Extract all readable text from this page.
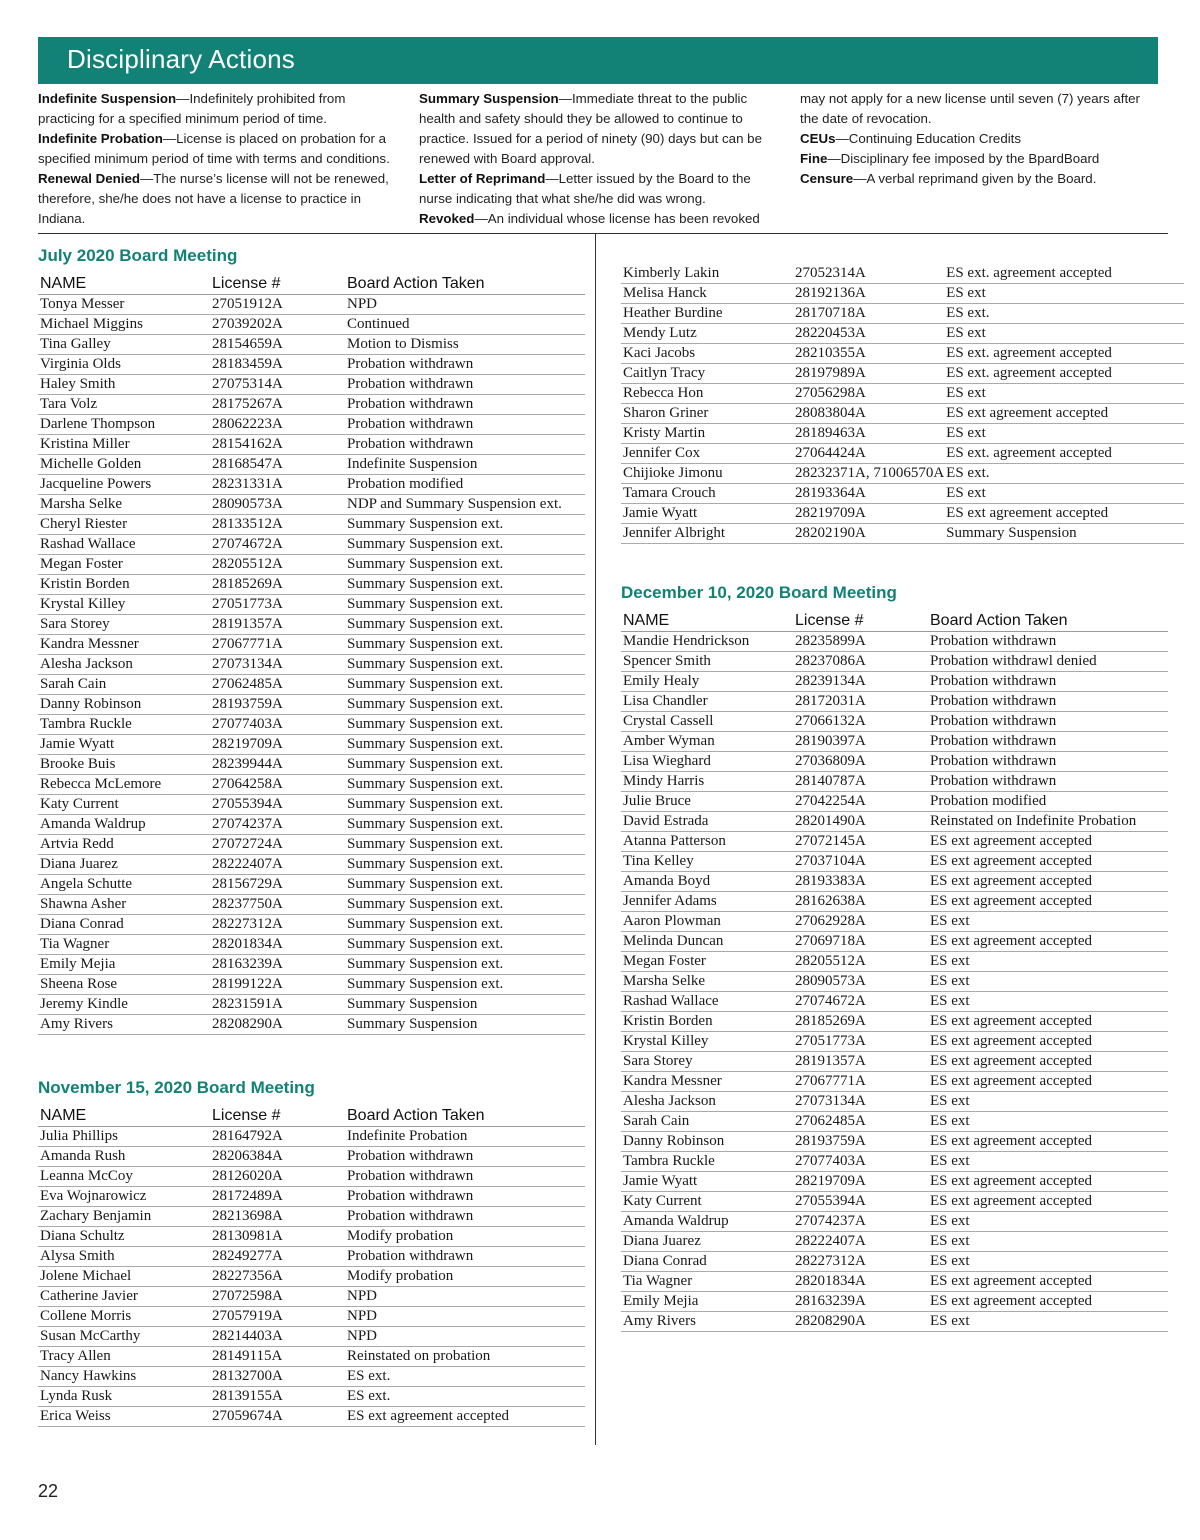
Disciplinary Actions
Indefinite Suspension—Indefinitely prohibited from practicing for a specified minimum period of time.
Indefinite Probation—License is placed on probation for a specified minimum period of time with terms and conditions.
Renewal Denied—The nurse’s license will not be renewed, therefore, she/he does not have a license to practice in Indiana.
Summary Suspension—Immediate threat to the public health and safety should they be allowed to continue to practice. Issued for a period of ninety (90) days but can be renewed with Board approval.
Letter of Reprimand—Letter issued by the Board to the nurse indicating that what she/he did was wrong.
Revoked—An individual whose license has been revoked
may not apply for a new license until seven (7) years after the date of revocation.
CEUs—Continuing Education Credits
Fine—Disciplinary fee imposed by the BpardBoard
Censure—A verbal reprimand given by the Board.
July 2020 Board Meeting
NAME	License #	Board Action Taken
Tonya Messer	27051912A	NPD
Michael Miggins	27039202A	Continued
Tina Galley	28154659A	Motion to Dismiss
Virginia Olds	28183459A	Probation withdrawn
Haley Smith	27075314A	Probation withdrawn
Tara Volz	28175267A	Probation withdrawn
Darlene Thompson	28062223A	Probation withdrawn
Kristina Miller	28154162A	Probation withdrawn
Michelle Golden	28168547A	Indefinite Suspension
Jacqueline Powers	28231331A	Probation modified
Marsha Selke	28090573A	NDP and Summary Suspension ext.
Cheryl Riester	28133512A	Summary Suspension ext.
Rashad Wallace	27074672A	Summary Suspension ext.
Megan Foster	28205512A	Summary Suspension ext.
Kristin Borden	28185269A	Summary Suspension ext.
Krystal Killey	27051773A	Summary Suspension ext.
Sara Storey	28191357A	Summary Suspension ext.
Kandra Messner	27067771A	Summary Suspension ext.
Alesha Jackson	27073134A	Summary Suspension ext.
Sarah Cain	27062485A	Summary Suspension ext.
Danny Robinson	28193759A	Summary Suspension ext.
Tambra Ruckle	27077403A	Summary Suspension ext.
Jamie Wyatt	28219709A	Summary Suspension ext.
Brooke Buis	28239944A	Summary Suspension ext.
Rebecca McLemore	27064258A	Summary Suspension ext.
Katy Current	27055394A	Summary Suspension ext.
Amanda Waldrup	27074237A	Summary Suspension ext.
Artvia Redd	27072724A	Summary Suspension ext.
Diana Juarez	28222407A	Summary Suspension ext.
Angela Schutte	28156729A	Summary Suspension ext.
Shawna Asher	28237750A	Summary Suspension ext.
Diana Conrad	28227312A	Summary Suspension ext.
Tia Wagner	28201834A	Summary Suspension ext.
Emily Mejia	28163239A	Summary Suspension ext.
Sheena Rose	28199122A	Summary Suspension ext.
Jeremy Kindle	28231591A	Summary Suspension
Amy Rivers	28208290A	Summary Suspension
November 15, 2020 Board Meeting
NAME	License #	Board Action Taken
Julia Phillips	28164792A	Indefinite Probation
Amanda Rush	28206384A	Probation withdrawn
Leanna McCoy	28126020A	Probation withdrawn
Eva Wojnarowicz	28172489A	Probation withdrawn
Zachary Benjamin	28213698A	Probation withdrawn
Diana Schultz	28130981A	Modify probation
Alysa Smith	28249277A	Probation withdrawn
Jolene Michael	28227356A	Modify probation
Catherine Javier	27072598A	NPD
Collene Morris	27057919A	NPD
Susan McCarthy	28214403A	NPD
Tracy Allen	28149115A	Reinstated on probation
Nancy Hawkins	28132700A	ES ext.
Lynda Rusk	28139155A	ES ext.
Erica Weiss	27059674A	ES ext agreement accepted
Kimberly Lakin	27052314A	ES ext. agreement accepted
Melisa Hanck	28192136A	ES ext
Heather Burdine	28170718A	ES ext.
Mendy Lutz	28220453A	ES ext
Kaci Jacobs	28210355A	ES ext. agreement accepted
Caitlyn Tracy	28197989A	ES ext. agreement accepted
Rebecca Hon	27056298A	ES ext
Sharon Griner	28083804A	ES ext agreement accepted
Kristy Martin	28189463A	ES ext
Jennifer Cox	27064424A	ES ext. agreement accepted
Chijioke Jimonu	28232371A, 71006570A	ES ext.
Tamara Crouch	28193364A	ES ext
Jamie Wyatt	28219709A	ES ext agreement accepted
Jennifer Albright	28202190A	Summary Suspension
December 10, 2020 Board Meeting
NAME	License #	Board Action Taken
Mandie Hendrickson	28235899A	Probation withdrawn
Spencer Smith	28237086A	Probation withdrawl denied
Emily Healy	28239134A	Probation withdrawn
Lisa Chandler	28172031A	Probation withdrawn
Crystal Cassell	27066132A	Probation withdrawn
Amber Wyman	28190397A	Probation withdrawn
Lisa Wieghard	27036809A	Probation withdrawn
Mindy Harris	28140787A	Probation withdrawn
Julie Bruce	27042254A	Probation modified
David Estrada	28201490A	Reinstated on Indefinite Probation
Atanna Patterson	27072145A	ES ext agreement accepted
Tina Kelley	27037104A	ES ext agreement accepted
Amanda Boyd	28193383A	ES ext agreement accepted
Jennifer Adams	28162638A	ES ext agreement accepted
Aaron Plowman	27062928A	ES ext
Melinda Duncan	27069718A	ES ext agreement accepted
Megan Foster	28205512A	ES ext
Marsha Selke	28090573A	ES ext
Rashad Wallace	27074672A	ES ext
Kristin Borden	28185269A	ES ext agreement accepted
Krystal Killey	27051773A	ES ext agreement accepted
Sara Storey	28191357A	ES ext agreement accepted
Kandra Messner	27067771A	ES ext agreement accepted
Alesha Jackson	27073134A	ES ext
Sarah Cain	27062485A	ES ext
Danny Robinson	28193759A	ES ext agreement accepted
Tambra Ruckle	27077403A	ES ext
Jamie Wyatt	28219709A	ES ext agreement accepted
Katy Current	27055394A	ES ext agreement accepted
Amanda Waldrup	27074237A	ES ext
Diana Juarez	28222407A	ES ext
Diana Conrad	28227312A	ES ext
Tia Wagner	28201834A	ES ext agreement accepted
Emily Mejia	28163239A	ES ext agreement accepted
Amy Rivers	28208290A	ES ext
22
